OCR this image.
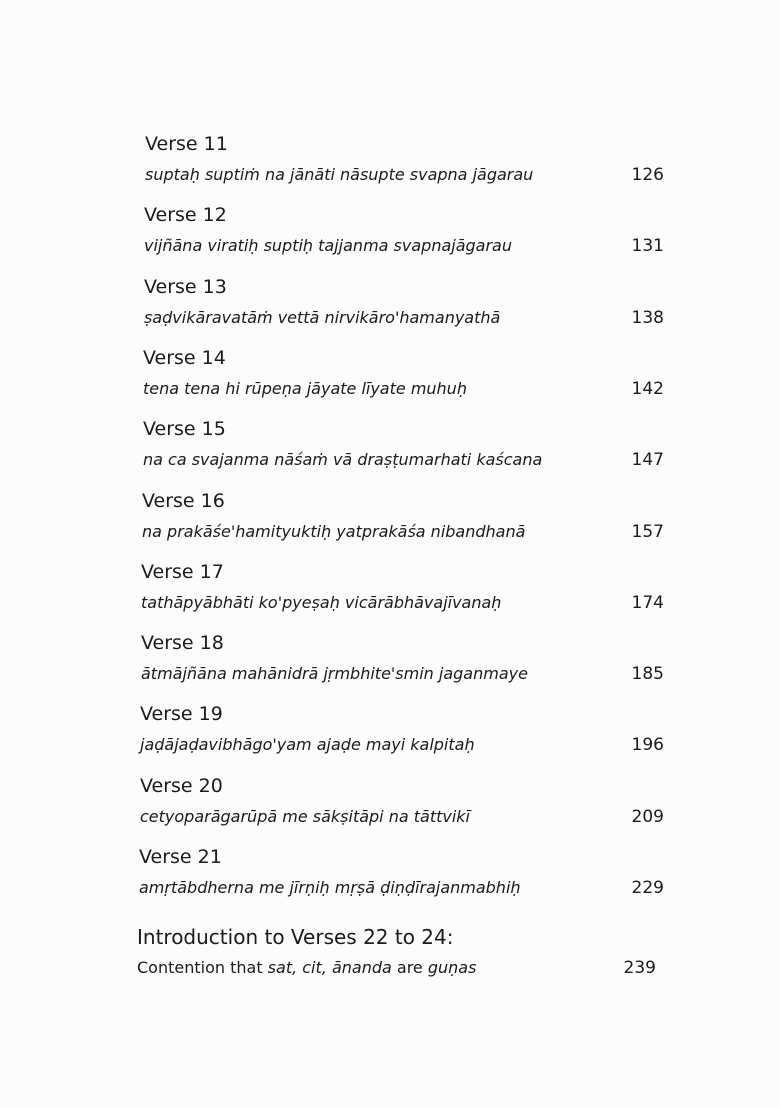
Introduction to Verses 22 to 24:
Contention that sat, cit, ānanda are guṇas	239
Verse 11
suptaḥ suptiṁ na jānāti nāsupte svapna jāgarau	126
Verse 12
vijñāna viratiḥ suptiḥ tajjanma svapnajāgarau	131
Verse 13
ṣaḍvikāravatāṁ vettā nirvikāro'hamanyathā	138
Verse 14
tena tena hi rūpeṇa jāyate līyate muhuḥ	142
Verse 15
na ca svajanma nāśaṁ vā draṣṭumarhati kaścana	147
Verse 16
na prakāśe'hamityuktiḥ yatprakāśa nibandhanā	157
Verse 17
tathāpyābhāti ko'pyeṣaḥ vicārābhāvajīvanaḥ	174
Verse 18
ātmājñāna mahānidrā jṛmbhite'smin jaganmaye	185
Verse 19
jaḍājaḍavibhāgo'yam ajaḍe mayi kalpitaḥ	196
Verse 20
cetyoparāgarūpā me sākṣitāpi na tāttvikī	209
Verse 21
amṛtābdherna me jīrṇiḥ mṛṣā ḍiṇḍīrajanmabhiḥ	229
